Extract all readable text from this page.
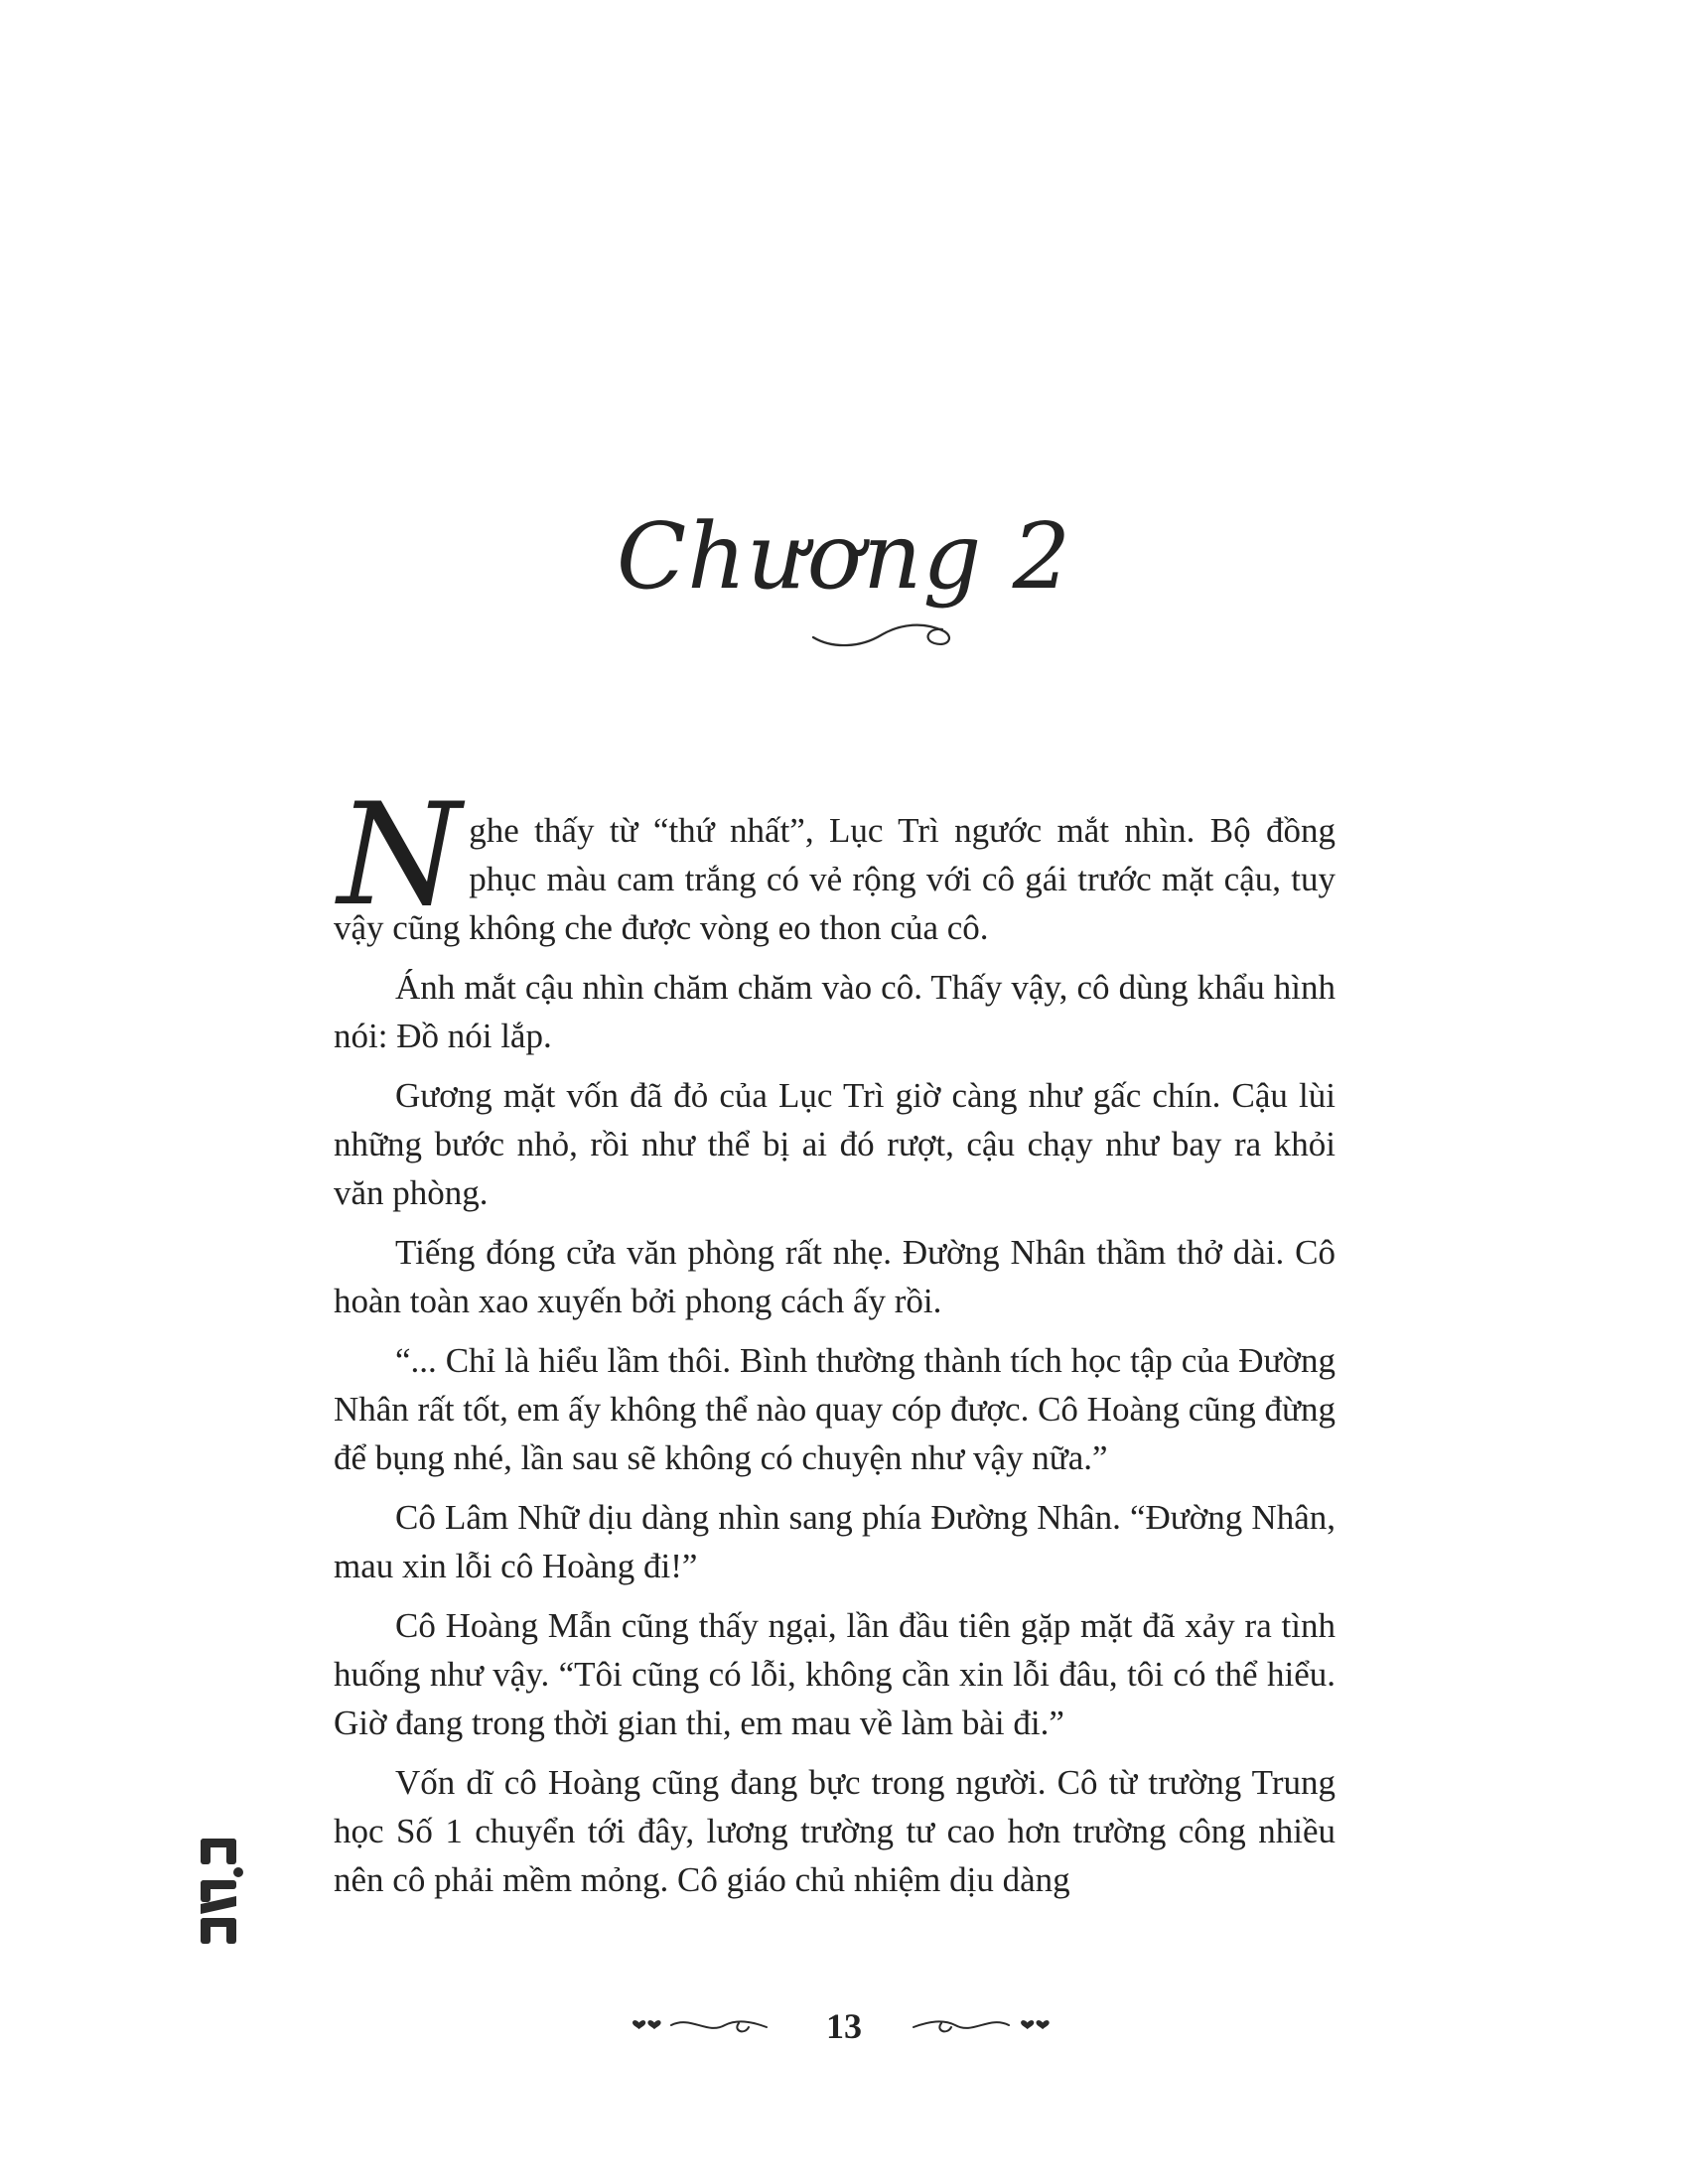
Chương 2

N ghe thấy từ “thứ nhất”, Lục Trì ngước mắt nhìn. Bộ đồng phục màu cam trắng có vẻ rộng với cô gái trước mặt cậu, tuy vậy cũng không che được vòng eo thon của cô.

Ánh mắt cậu nhìn chăm chăm vào cô. Thấy vậy, cô dùng khẩu hình nói: Đồ nói lắp.

Gương mặt vốn đã đỏ của Lục Trì giờ càng như gấc chín. Cậu lùi những bước nhỏ, rồi như thể bị ai đó rượt, cậu chạy như bay ra khỏi văn phòng.

Tiếng đóng cửa văn phòng rất nhẹ. Đường Nhân thầm thở dài. Cô hoàn toàn xao xuyến bởi phong cách ấy rồi.

“... Chỉ là hiểu lầm thôi. Bình thường thành tích học tập của Đường Nhân rất tốt, em ấy không thể nào quay cóp được. Cô Hoàng cũng đừng để bụng nhé, lần sau sẽ không có chuyện như vậy nữa.”

Cô Lâm Nhữ dịu dàng nhìn sang phía Đường Nhân. “Đường Nhân, mau xin lỗi cô Hoàng đi!”

Cô Hoàng Mẫn cũng thấy ngại, lần đầu tiên gặp mặt đã xảy ra tình huống như vậy. “Tôi cũng có lỗi, không cần xin lỗi đâu, tôi có thể hiểu. Giờ đang trong thời gian thi, em mau về làm bài đi.”

Vốn dĩ cô Hoàng cũng đang bực trong người. Cô từ trường Trung học Số 1 chuyển tới đây, lương trường tư cao hơn trường công nhiều nên cô phải mềm mỏng. Cô giáo chủ nhiệm dịu dàng

13
